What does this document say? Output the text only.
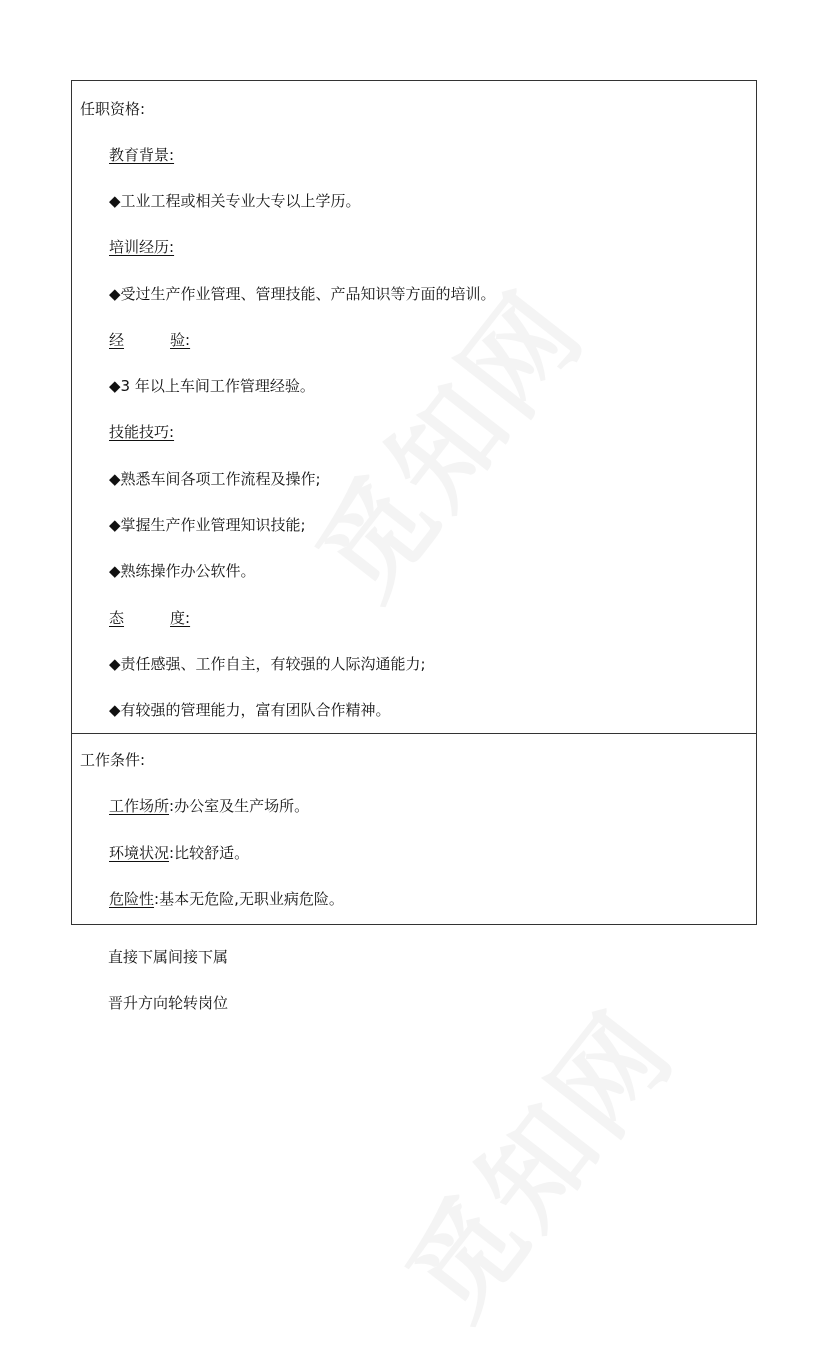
任职资格:
教育背景:
◆工业工程或相关专业大专以上学历。
培训经历:
◆受过生产作业管理、管理技能、产品知识等方面的培训。
经	验:
◆3 年以上车间工作管理经验。
技能技巧:
◆熟悉车间各项工作流程及操作;
◆掌握生产作业管理知识技能;
◆熟练操作办公软件。
态	度:
◆责任感强、工作自主，有较强的人际沟通能力;
◆有较强的管理能力，富有团队合作精神。
工作条件:
工作场所:办公室及生产场所。
环境状况:比较舒适。
危险性:基本无危险,无职业病危险。
直接下属间接下属
晋升方向轮转岗位
